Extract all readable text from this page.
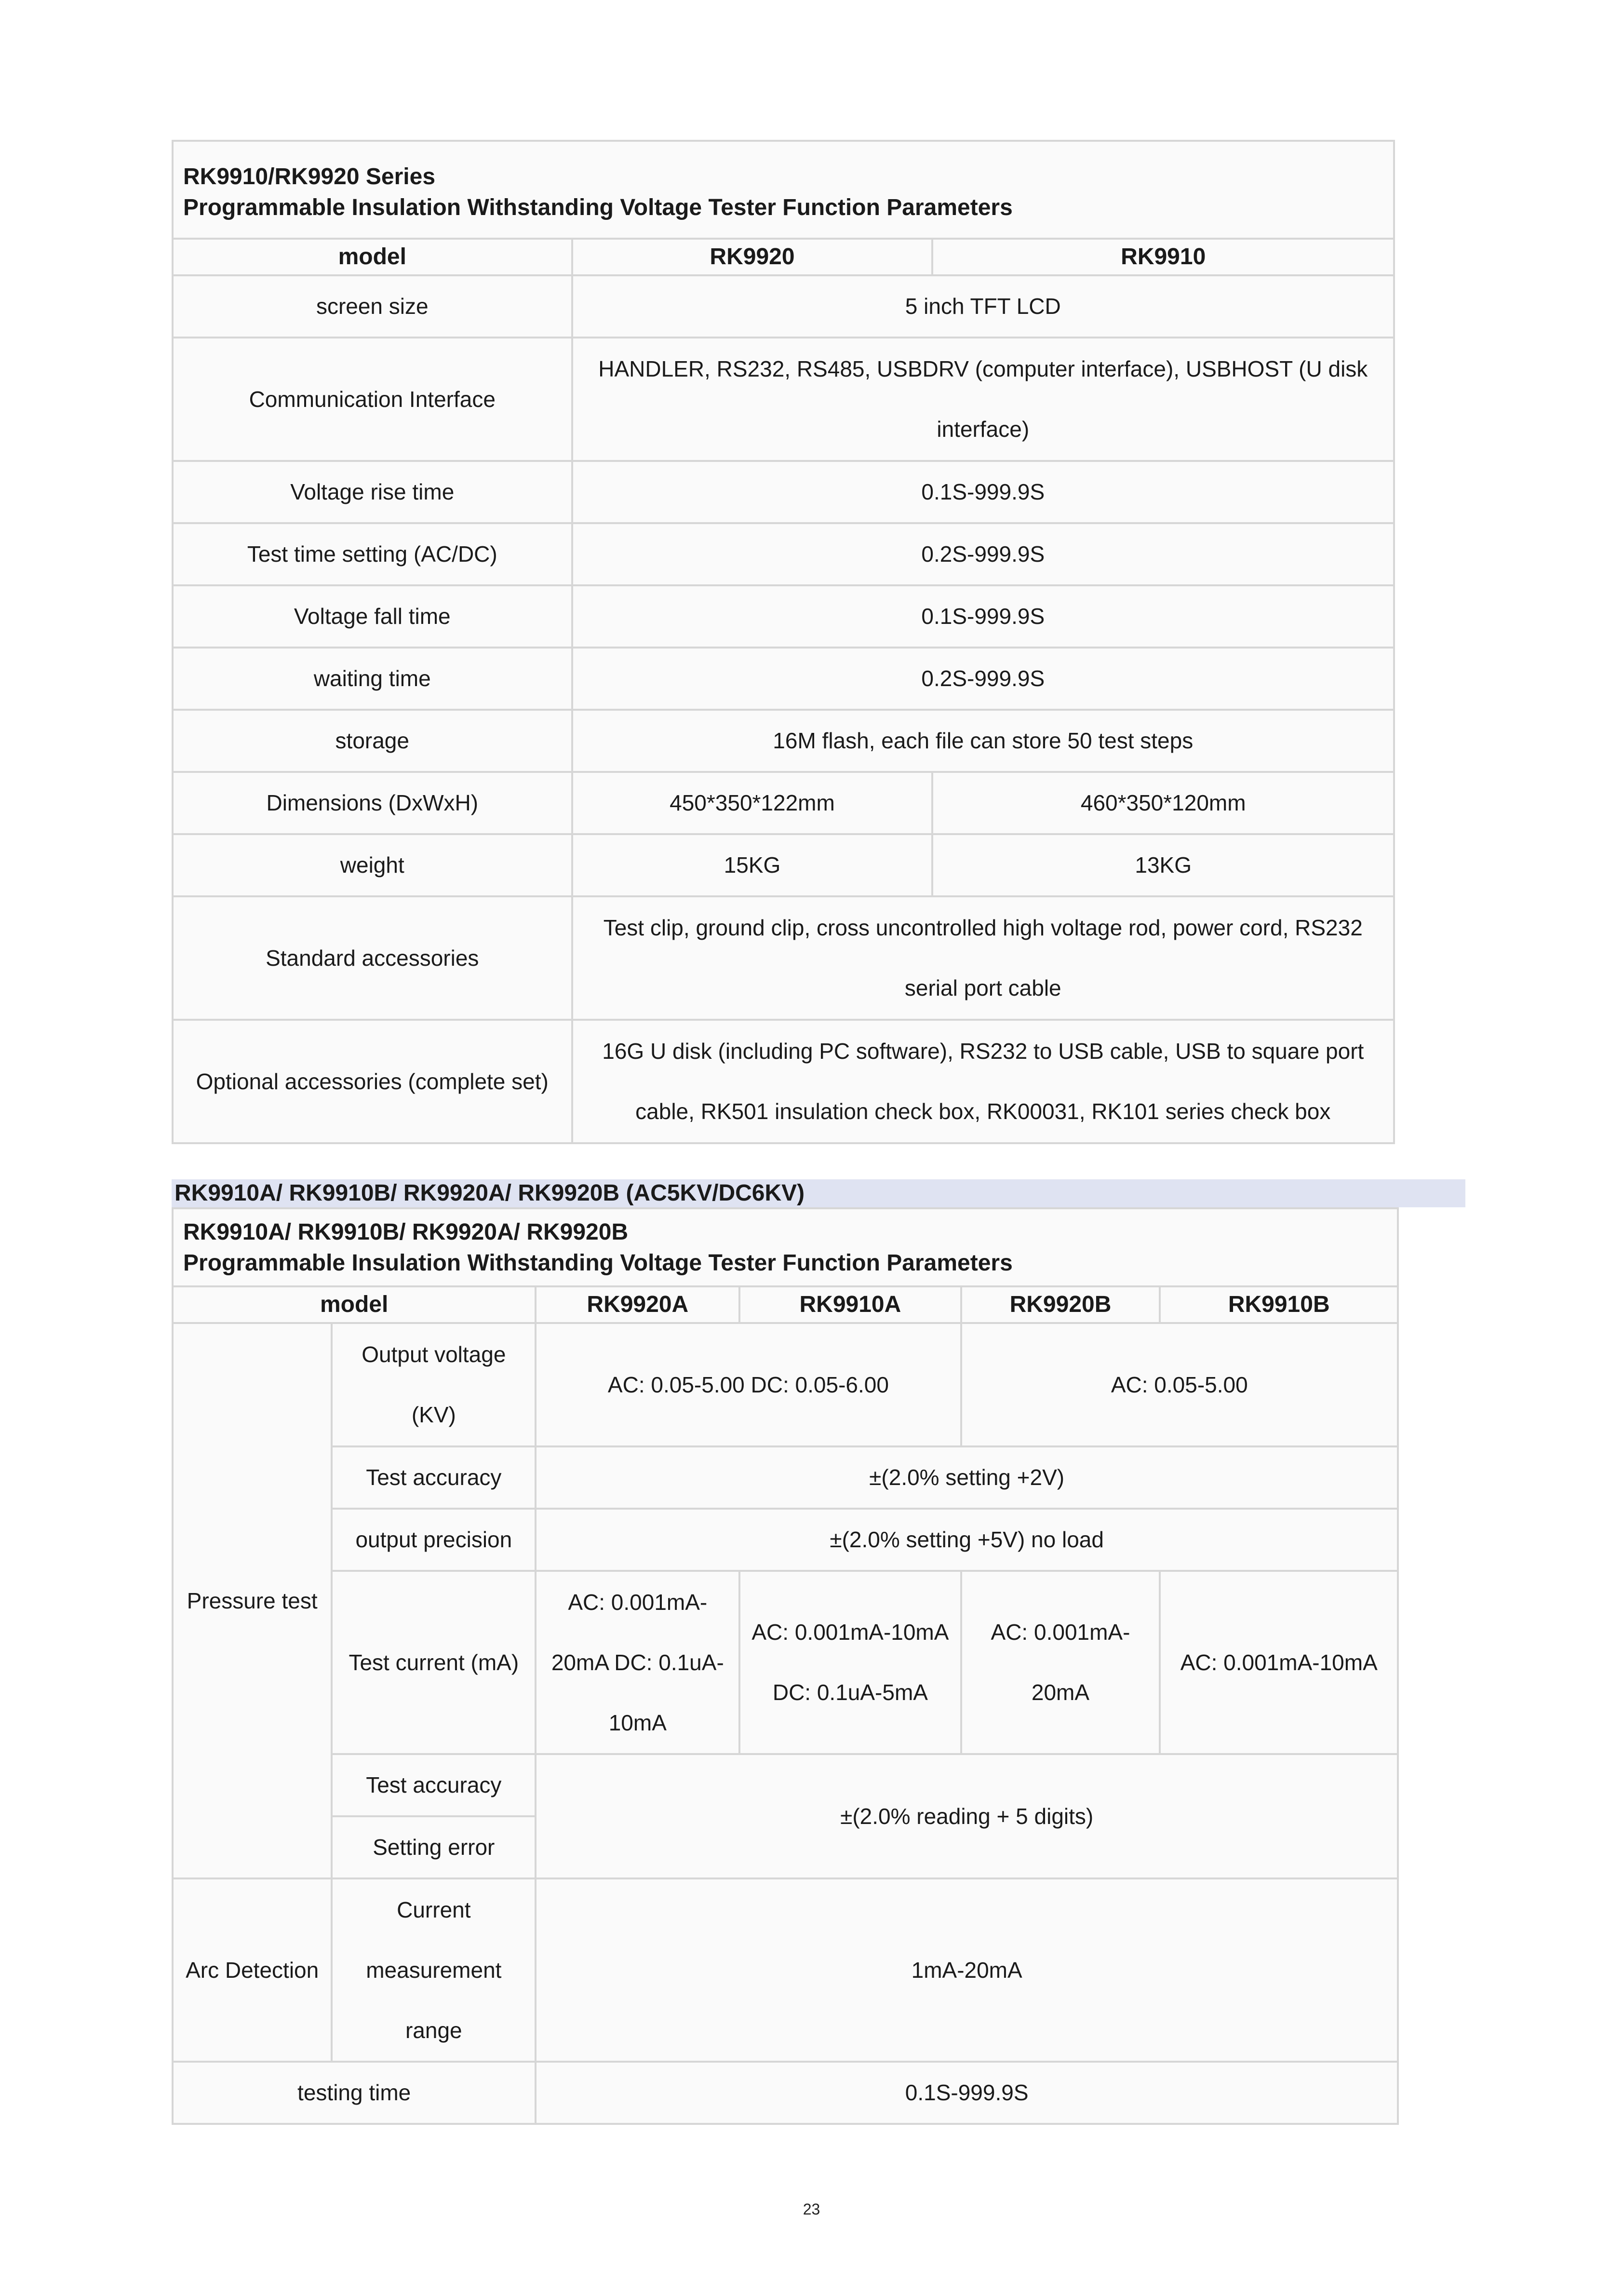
RK9910/RK9920 Series
Programmable Insulation Withstanding Voltage Tester Function Parameters		

model	RK9920	RK9910
screen size	5 inch TFT LCD	
Communication Interface	HANDLER, RS232, RS485, USBDRV (computer interface), USBHOST (U disk interface)	
Voltage rise time	0.1S-999.9S	
Test time setting (AC/DC)	0.2S-999.9S	
Voltage fall time	0.1S-999.9S	
waiting time	0.2S-999.9S	
storage	16M flash, each file can store 50 test steps	
Dimensions (DxWxH)	450*350*122mm	460*350*120mm
weight	15KG	13KG
Standard accessories	Test clip, ground clip, cross uncontrolled high voltage rod, power cord, RS232 serial port cable	
Optional accessories (complete set)	16G U disk (including PC software), RS232 to USB cable, USB to square port cable, RK501 insulation check box, RK00031, RK101 series check box	
RK9910A/ RK9910B/ RK9920A/ RK9920B (AC5KV/DC6KV)
RK9910A/ RK9910B/ RK9920A/ RK9920B
Programmable Insulation Withstanding Voltage Tester Function Parameters					

model		RK9920A	RK9910A	RK9920B	RK9910B
Pressure test	Output voltage (KV)	AC: 0.05-5.00 DC: 0.05-6.00		AC: 0.05-5.00	
	Test accuracy	±(2.0% setting +2V)			
	output precision	±(2.0% setting +5V) no load			
	Test current (mA)	AC: 0.001mA-20mA DC: 0.1uA-10mA	AC: 0.001mA-10mA DC: 0.1uA-5mA	AC: 0.001mA-20mA	AC: 0.001mA-10mA
	Test accuracy	±(2.0% reading + 5 digits)			
	Setting error				
Arc Detection	Current measurement range	1mA-20mA			
testing time		0.1S-999.9S			
23
